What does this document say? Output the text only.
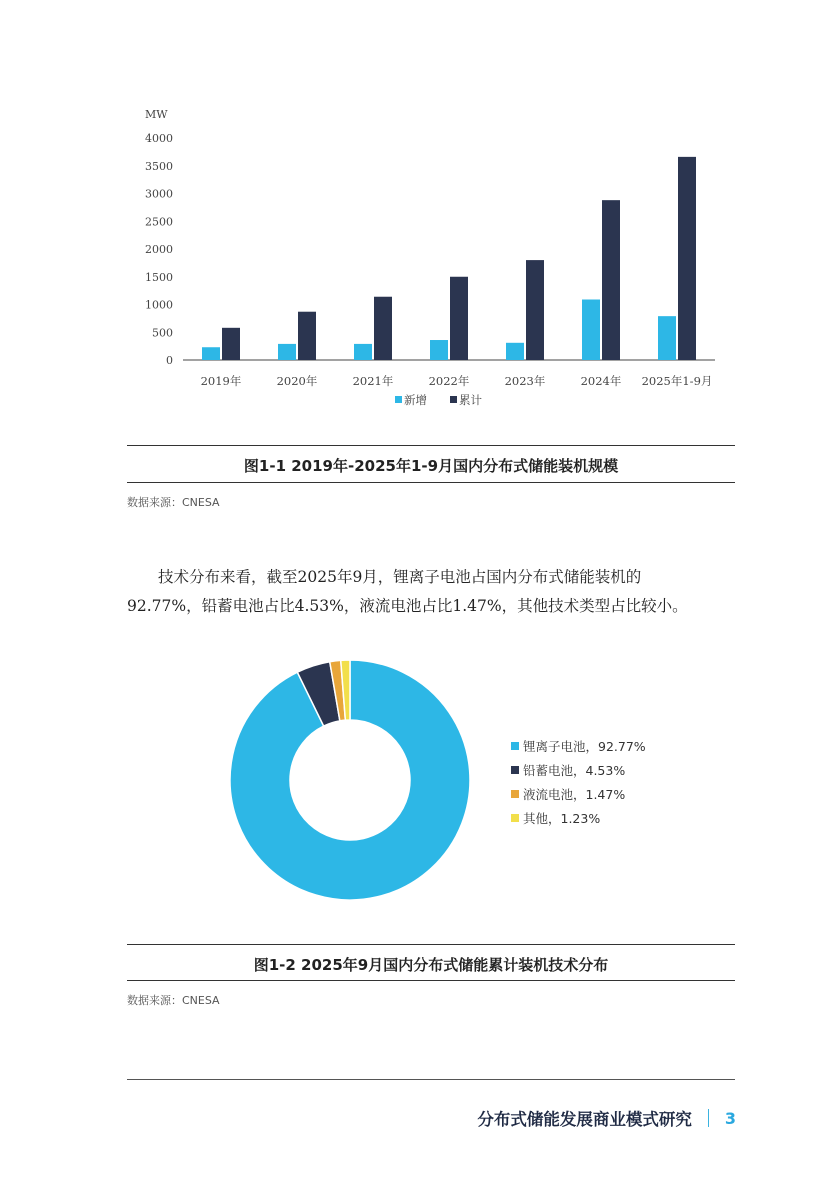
MW
0
500
1000
1500
2000
2500
3000
3500
4000
2019年	2020年	2021年	2022年	2023年	2024年 2025年1-9月
新增	累计
图1-1 2019年-2025年1-9月国内分布式储能装机规模
数据来源：CNESA
技术分布来看，截至2025年9月，锂离子电池占国内分布式储能装机的
92.77%，铅蓄电池占比4.53%，液流电池占比1.47%，其他技术类型占比较小。
锂离子电池，92.77%
铅蓄电池，4.53%
液流电池，1.47%
其他，1.23%
图1-2 2025年9月国内分布式储能累计装机技术分布
数据来源：CNESA
分布式储能发展商业模式研究 3
